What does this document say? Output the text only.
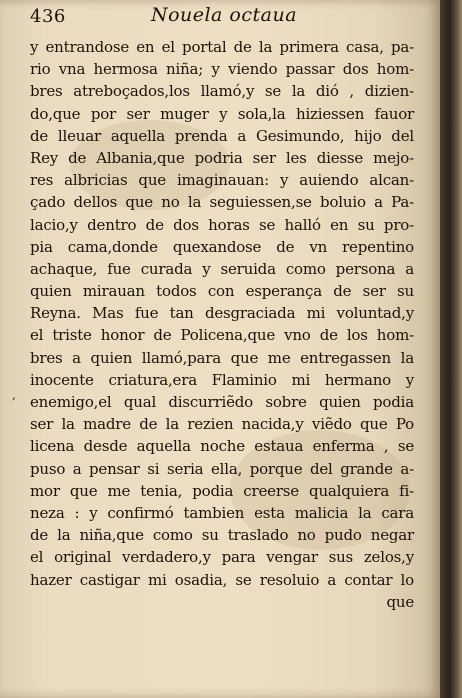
436	Nouela octaua
,
y entrandose en el portal de la primera casa, pa-
rio vna hermosa niña; y viendo passar dos hom-
bres atreboçados,los llamó,y se la dió , dizien-
do,que por ser muger y sola,la hiziessen fauor
de lleuar aquella prenda a Gesimundo, hijo del
Rey de Albania,que podria ser les diesse mejo-
res albricias que imaginauan: y auiendo alcan-
çado dellos que no la seguiessen,se boluio a Pa-
lacio,y dentro de dos horas se halló en su pro-
pia cama,donde quexandose de vn repentino
achaque, fue curada y seruida como persona a
quien mirauan todos con esperança de ser su
Reyna. Mas fue tan desgraciada mi voluntad,y
el triste honor de Policena,que vno de los hom-
bres a quien llamó,para que me entregassen la
inocente criatura,era Flaminio mi hermano y
enemigo,el qual discurriẽdo sobre quien podia
ser la madre de la rezien nacida,y viẽdo que Po
licena desde aquella noche estaua enferma , se
puso a pensar si seria ella, porque del grande a-
mor que me tenia, podia creerse qualquiera fi-
neza : y confirmó tambien esta malicia la cara
de la niña,que como su traslado no pudo negar
el original verdadero,y para vengar sus zelos,y
hazer castigar mi osadia, se resoluio a contar lo
que
